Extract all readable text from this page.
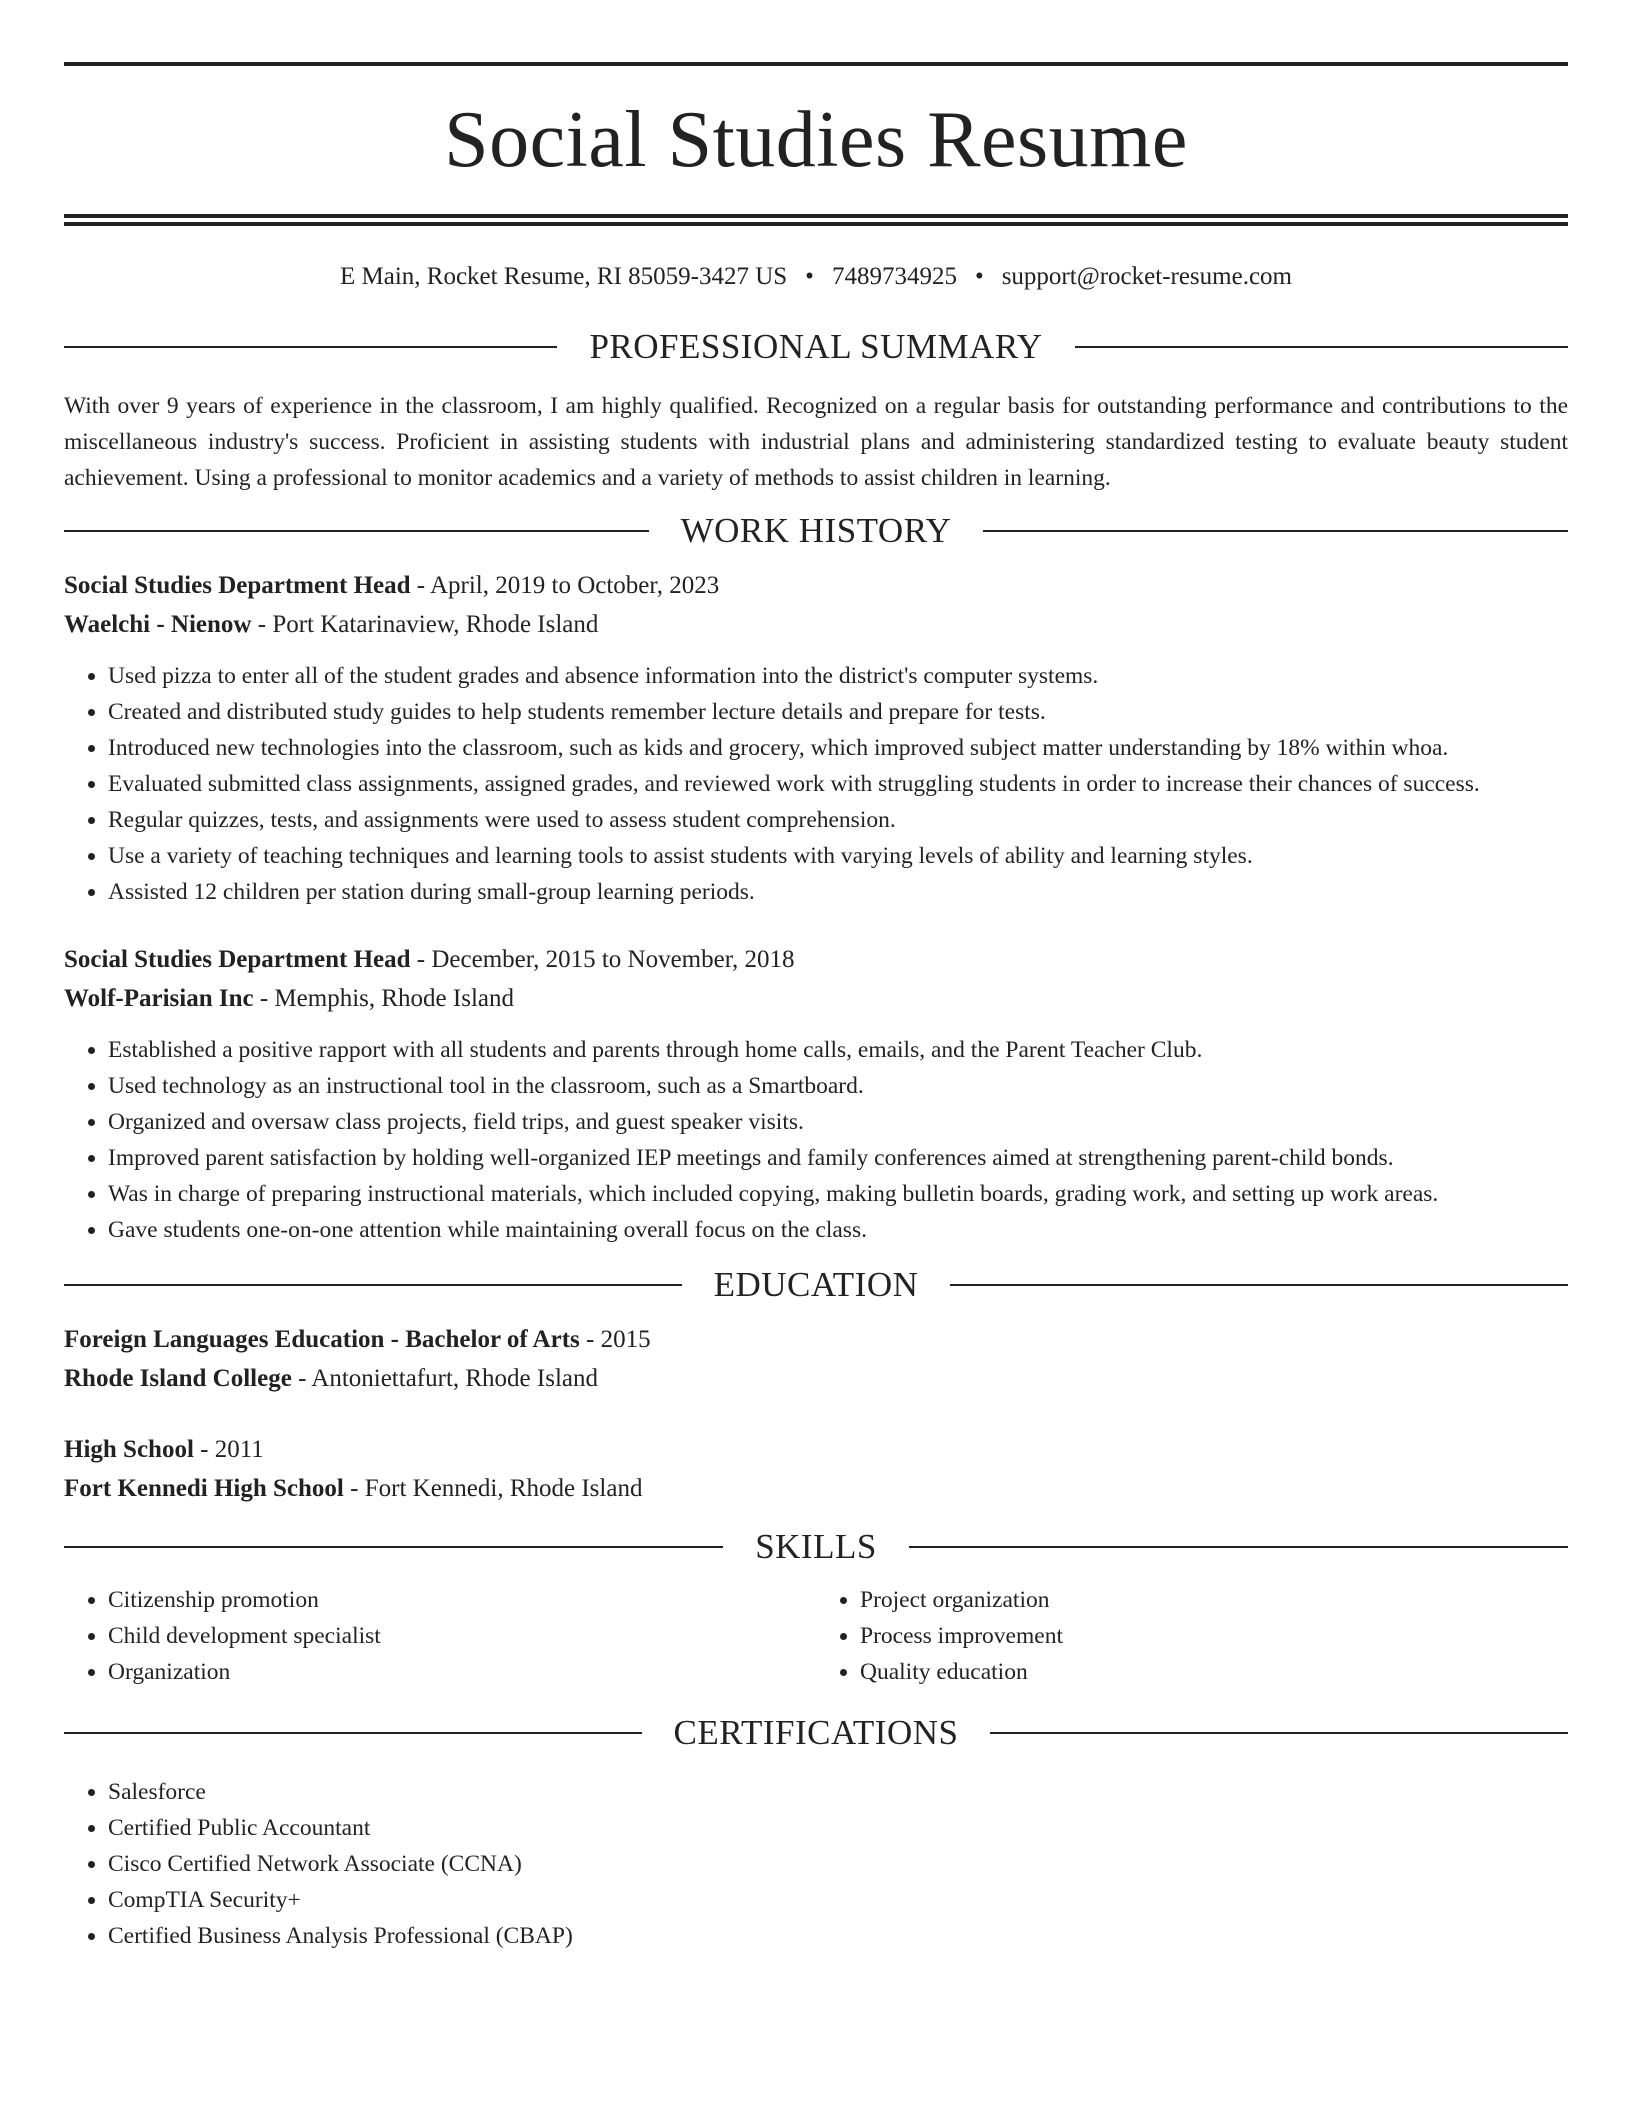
Social Studies Resume
E Main, Rocket Resume, RI 85059-3427 US • 7489734925 • support@rocket-resume.com
PROFESSIONAL SUMMARY
With over 9 years of experience in the classroom, I am highly qualified. Recognized on a regular basis for outstanding performance and contributions to the miscellaneous industry's success. Proficient in assisting students with industrial plans and administering standardized testing to evaluate beauty student achievement. Using a professional to monitor academics and a variety of methods to assist children in learning.
WORK HISTORY
Social Studies Department Head - April, 2019 to October, 2023
Waelchi - Nienow - Port Katarinaview, Rhode Island
• Used pizza to enter all of the student grades and absence information into the district's computer systems.
• Created and distributed study guides to help students remember lecture details and prepare for tests.
• Introduced new technologies into the classroom, such as kids and grocery, which improved subject matter understanding by 18% within whoa.
• Evaluated submitted class assignments, assigned grades, and reviewed work with struggling students in order to increase their chances of success.
• Regular quizzes, tests, and assignments were used to assess student comprehension.
• Use a variety of teaching techniques and learning tools to assist students with varying levels of ability and learning styles.
• Assisted 12 children per station during small-group learning periods.
Social Studies Department Head - December, 2015 to November, 2018
Wolf-Parisian Inc - Memphis, Rhode Island
• Established a positive rapport with all students and parents through home calls, emails, and the Parent Teacher Club.
• Used technology as an instructional tool in the classroom, such as a Smartboard.
• Organized and oversaw class projects, field trips, and guest speaker visits.
• Improved parent satisfaction by holding well-organized IEP meetings and family conferences aimed at strengthening parent-child bonds.
• Was in charge of preparing instructional materials, which included copying, making bulletin boards, grading work, and setting up work areas.
• Gave students one-on-one attention while maintaining overall focus on the class.
EDUCATION
Foreign Languages Education - Bachelor of Arts - 2015
Rhode Island College - Antoniettafurt, Rhode Island
High School - 2011
Fort Kennedi High School - Fort Kennedi, Rhode Island
SKILLS
• Citizenship promotion
• Child development specialist
• Organization
• Project organization
• Process improvement
• Quality education
CERTIFICATIONS
• Salesforce
• Certified Public Accountant
• Cisco Certified Network Associate (CCNA)
• CompTIA Security+
• Certified Business Analysis Professional (CBAP)
